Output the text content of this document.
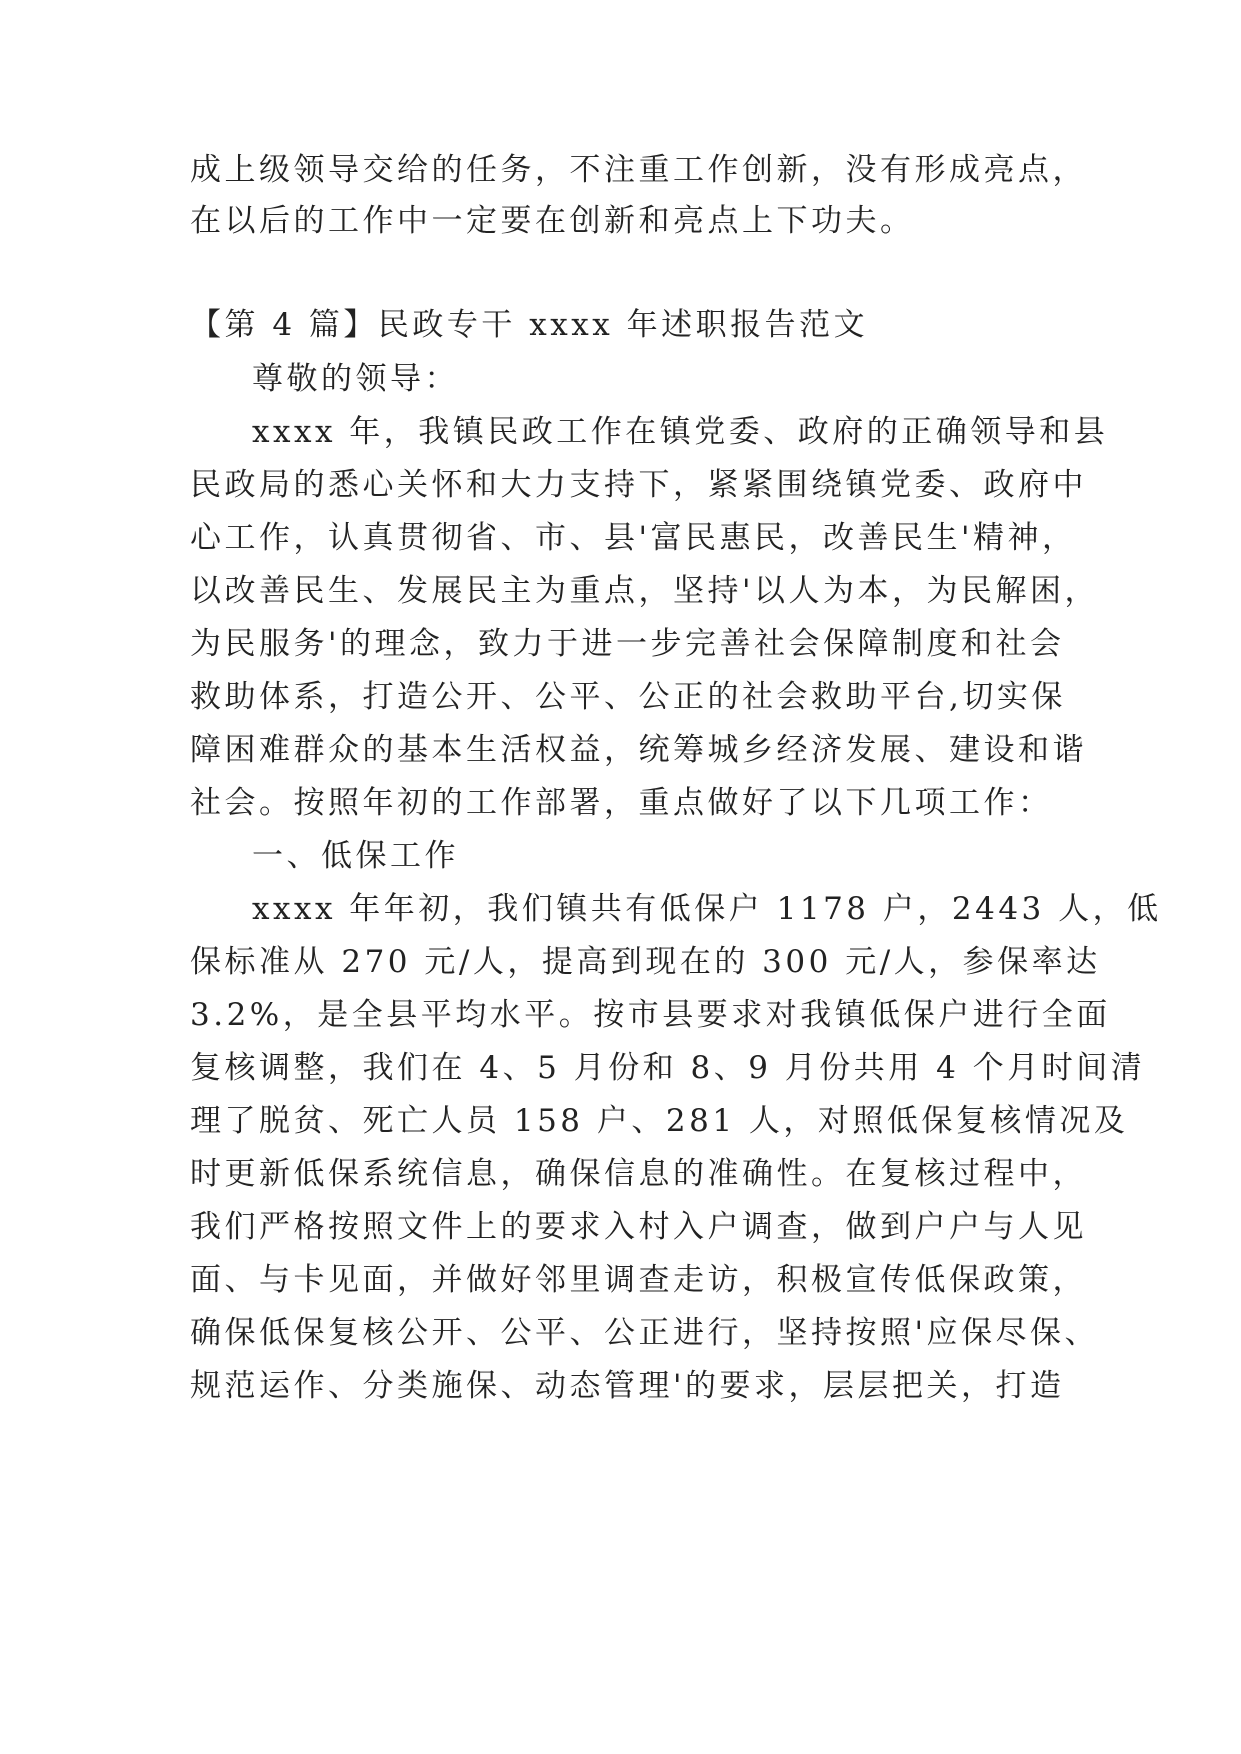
成上级领导交给的任务，不注重工作创新，没有形成亮点，
在以后的工作中一定要在创新和亮点上下功夫。
【第 4 篇】民政专干 xxxx 年述职报告范文
尊敬的领导：
xxxx 年，我镇民政工作在镇党委、政府的正确领导和县
民政局的悉心关怀和大力支持下，紧紧围绕镇党委、政府中
心工作，认真贯彻省、市、县'富民惠民，改善民生'精神，
以改善民生、发展民主为重点，坚持'以人为本，为民解困，
为民服务'的理念，致力于进一步完善社会保障制度和社会
救助体系，打造公开、公平、公正的社会救助平台,切实保
障困难群众的基本生活权益，统筹城乡经济发展、建设和谐
社会。按照年初的工作部署，重点做好了以下几项工作：
一、低保工作
xxxx 年年初，我们镇共有低保户 1178 户，2443 人，低
保标准从 270 元/人，提高到现在的 300 元/人，参保率达
3.2%，是全县平均水平。按市县要求对我镇低保户进行全面
复核调整，我们在 4、5 月份和 8、9 月份共用 4 个月时间清
理了脱贫、死亡人员 158 户、281 人，对照低保复核情况及
时更新低保系统信息，确保信息的准确性。在复核过程中，
我们严格按照文件上的要求入村入户调查，做到户户与人见
面、与卡见面，并做好邻里调查走访，积极宣传低保政策，
确保低保复核公开、公平、公正进行，坚持按照'应保尽保、
规范运作、分类施保、动态管理'的要求，层层把关，打造
